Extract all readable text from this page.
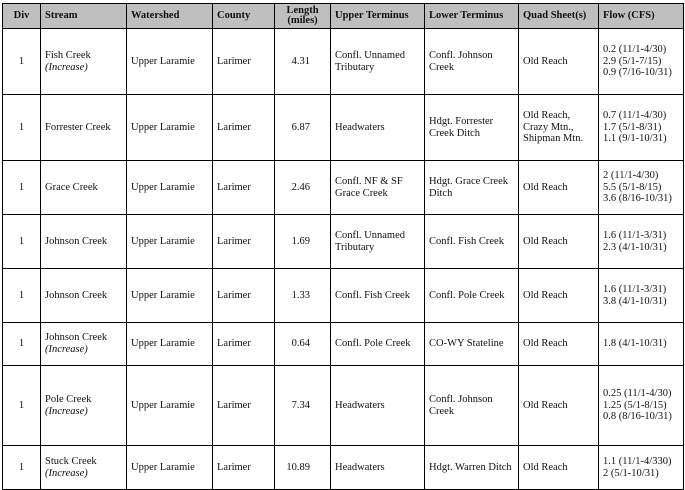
Div	Stream	Watershed	County	Length (miles)	Upper Terminus	Lower Terminus	Quad Sheet(s)	Flow (CFS)
1	Fish Creek
(Increase)	Upper Laramie	Larimer	4.31	Confl. Unnamed Tributary	Confl. Johnson Creek	Old Reach	0.2 (11/1-4/30)
2.9 (5/1-7/15)
0.9 (7/16-10/31)

1	Forrester Creek	Upper Laramie	Larimer	6.87	Headwaters	Hdgt. Forrester Creek Ditch	Old Reach, Crazy Mtn., Shipman Mtn.	0.7 (11/1-4/30)
1.7 (5/1-8/31)
1.1 (9/1-10/31)

1	Grace Creek	Upper Laramie	Larimer	2.46	Confl. NF & SF Grace Creek	Hdgt. Grace Creek Ditch	Old Reach	2 (11/1-4/30)
5.5 (5/1-8/15)
3.6 (8/16-10/31)

1	Johnson Creek	Upper Laramie	Larimer	1.69	Confl. Unnamed Tributary	Confl. Fish Creek	Old Reach	1.6 (11/1-3/31)
2.3 (4/1-10/31)

1	Johnson Creek	Upper Laramie	Larimer	1.33	Confl. Fish Creek	Confl. Pole Creek	Old Reach	1.6 (11/1-3/31)
3.8 (4/1-10/31)

1	Johnson Creek
(Increase)	Upper Laramie	Larimer	0.64	Confl. Pole Creek	CO-WY Stateline	Old Reach	1.8 (4/1-10/31)

1	Pole Creek
(Increase)	Upper Laramie	Larimer	7.34	Headwaters	Confl. Johnson Creek	Old Reach	0.25 (11/1-4/30)
1.25 (5/1-8/15)
0.8 (8/16-10/31)

1	Stuck Creek
(Increase)	Upper Laramie	Larimer	10.89	Headwaters	Hdgt. Warren Ditch	Old Reach	1.1 (11/1-4/330)
2 (5/1-10/31)
